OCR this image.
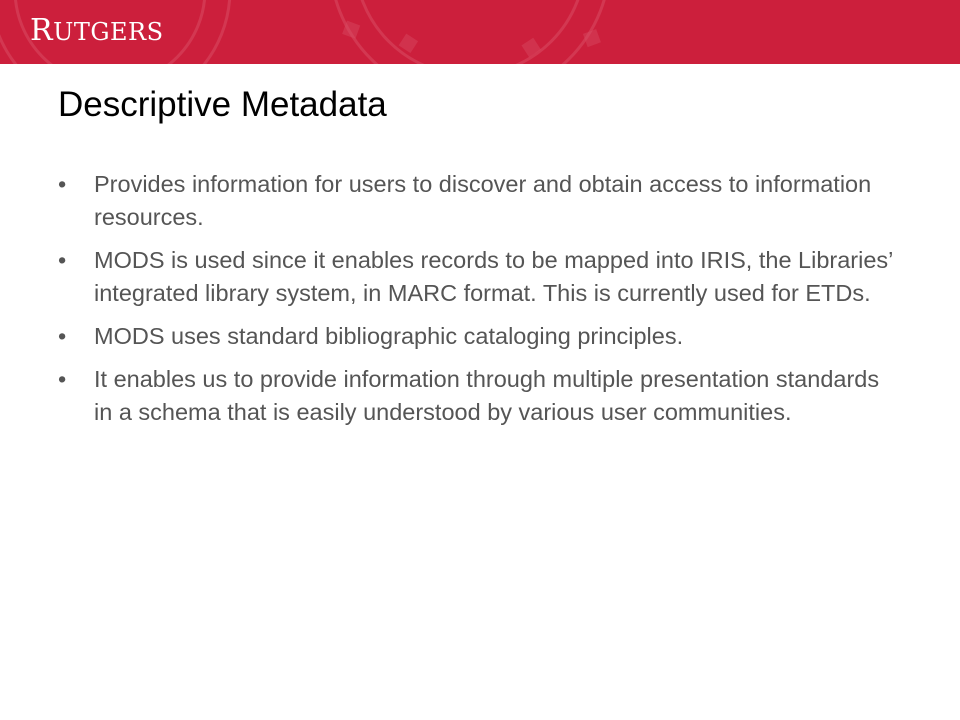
◆ ◆	◆ ◆
RUTGERS
Descriptive Metadata
•	Provides information for users to discover and obtain access to information resources.
•	MODS is used since it enables records to be mapped into IRIS, the Libraries’ integrated library system, in MARC format. This is currently used for ETDs.
•	MODS uses standard bibliographic cataloging principles.
•	It enables us to provide information through multiple presentation standards in a schema that is easily understood by various user communities.
